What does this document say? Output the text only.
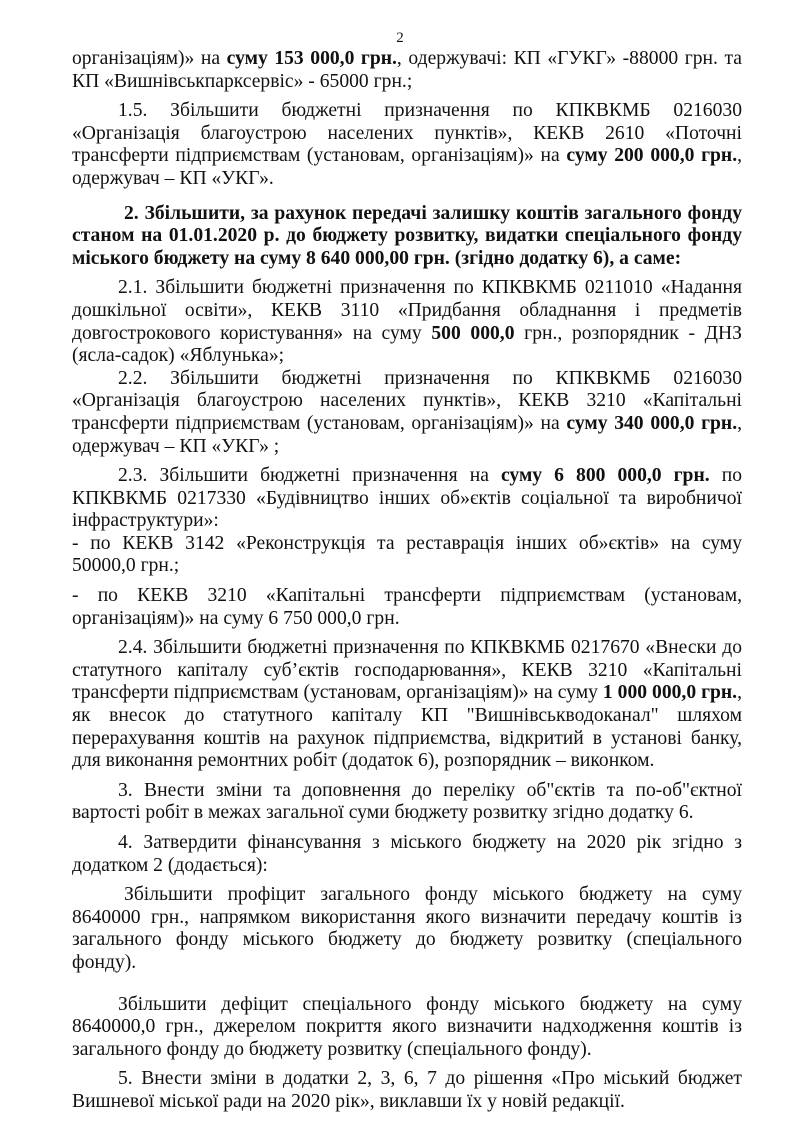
2

організаціям)» на суму 153 000,0 грн., одержувачі: КП «ГУКГ» -88000 грн. та КП «Вишнівськпарксервіс» - 65000 грн.;

1.5. Збільшити бюджетні призначення по КПКВКМБ 0216030 «Організація благоустрою населених пунктів», КЕКВ 2610 «Поточні трансферти підприємствам (установам, організаціям)» на суму 200 000,0 грн., одержувач – КП «УКГ».

2. Збільшити, за рахунок передачі залишку коштів загального фонду станом на 01.01.2020 р. до бюджету розвитку, видатки спеціального фонду міського бюджету на суму 8 640 000,00 грн. (згідно додатку 6), а саме:

2.1. Збільшити бюджетні призначення по КПКВКМБ 0211010 «Надання дошкільної освіти», КЕКВ 3110 «Придбання обладнання і предметів довгострокового користування» на суму 500 000,0 грн., розпорядник - ДНЗ (ясла-садок) «Яблунька»;

2.2. Збільшити бюджетні призначення по КПКВКМБ 0216030 «Організація благоустрою населених пунктів», КЕКВ 3210 «Капітальні трансферти підприємствам (установам, організаціям)» на суму 340 000,0 грн., одержувач – КП «УКГ» ;

2.3. Збільшити бюджетні призначення на суму 6 800 000,0 грн. по КПКВКМБ 0217330 «Будівництво інших об»єктів соціальної та виробничої інфраструктури»:

- по КЕКВ 3142 «Реконструкція та реставрація інших об»єктів» на суму 50000,0 грн.;

- по КЕКВ 3210 «Капітальні трансферти підприємствам (установам, організаціям)» на суму 6 750 000,0 грн.

2.4. Збільшити бюджетні призначення по КПКВКМБ 0217670 «Внески до статутного капіталу суб’єктів господарювання», КЕКВ 3210 «Капітальні трансферти підприємствам (установам, організаціям)» на суму 1 000 000,0 грн., як внесок до статутного капіталу КП "Вишнівськводоканал" шляхом перерахування коштів на рахунок підприємства, відкритий в установі банку, для виконання ремонтних робіт (додаток 6), розпорядник – виконком.

3. Внести зміни та доповнення до переліку об"єктів та по-об"єктної вартості робіт в межах загальної суми бюджету розвитку згідно додатку 6.

4. Затвердити фінансування з міського бюджету на 2020 рік згідно з додатком 2 (додається):

Збільшити профіцит загального фонду міського бюджету на суму 8640000 грн., напрямком використання якого визначити передачу коштів із загального фонду міського бюджету до бюджету розвитку (спеціального фонду).

Збільшити дефіцит спеціального фонду міського бюджету на суму 8640000,0 грн., джерелом покриття якого визначити надходження коштів із загального фонду до бюджету розвитку (спеціального фонду).

5. Внести зміни в додатки 2, 3, 6, 7 до рішення «Про міський бюджет Вишневої міської ради на 2020 рік», виклавши їх у новій редакції.
